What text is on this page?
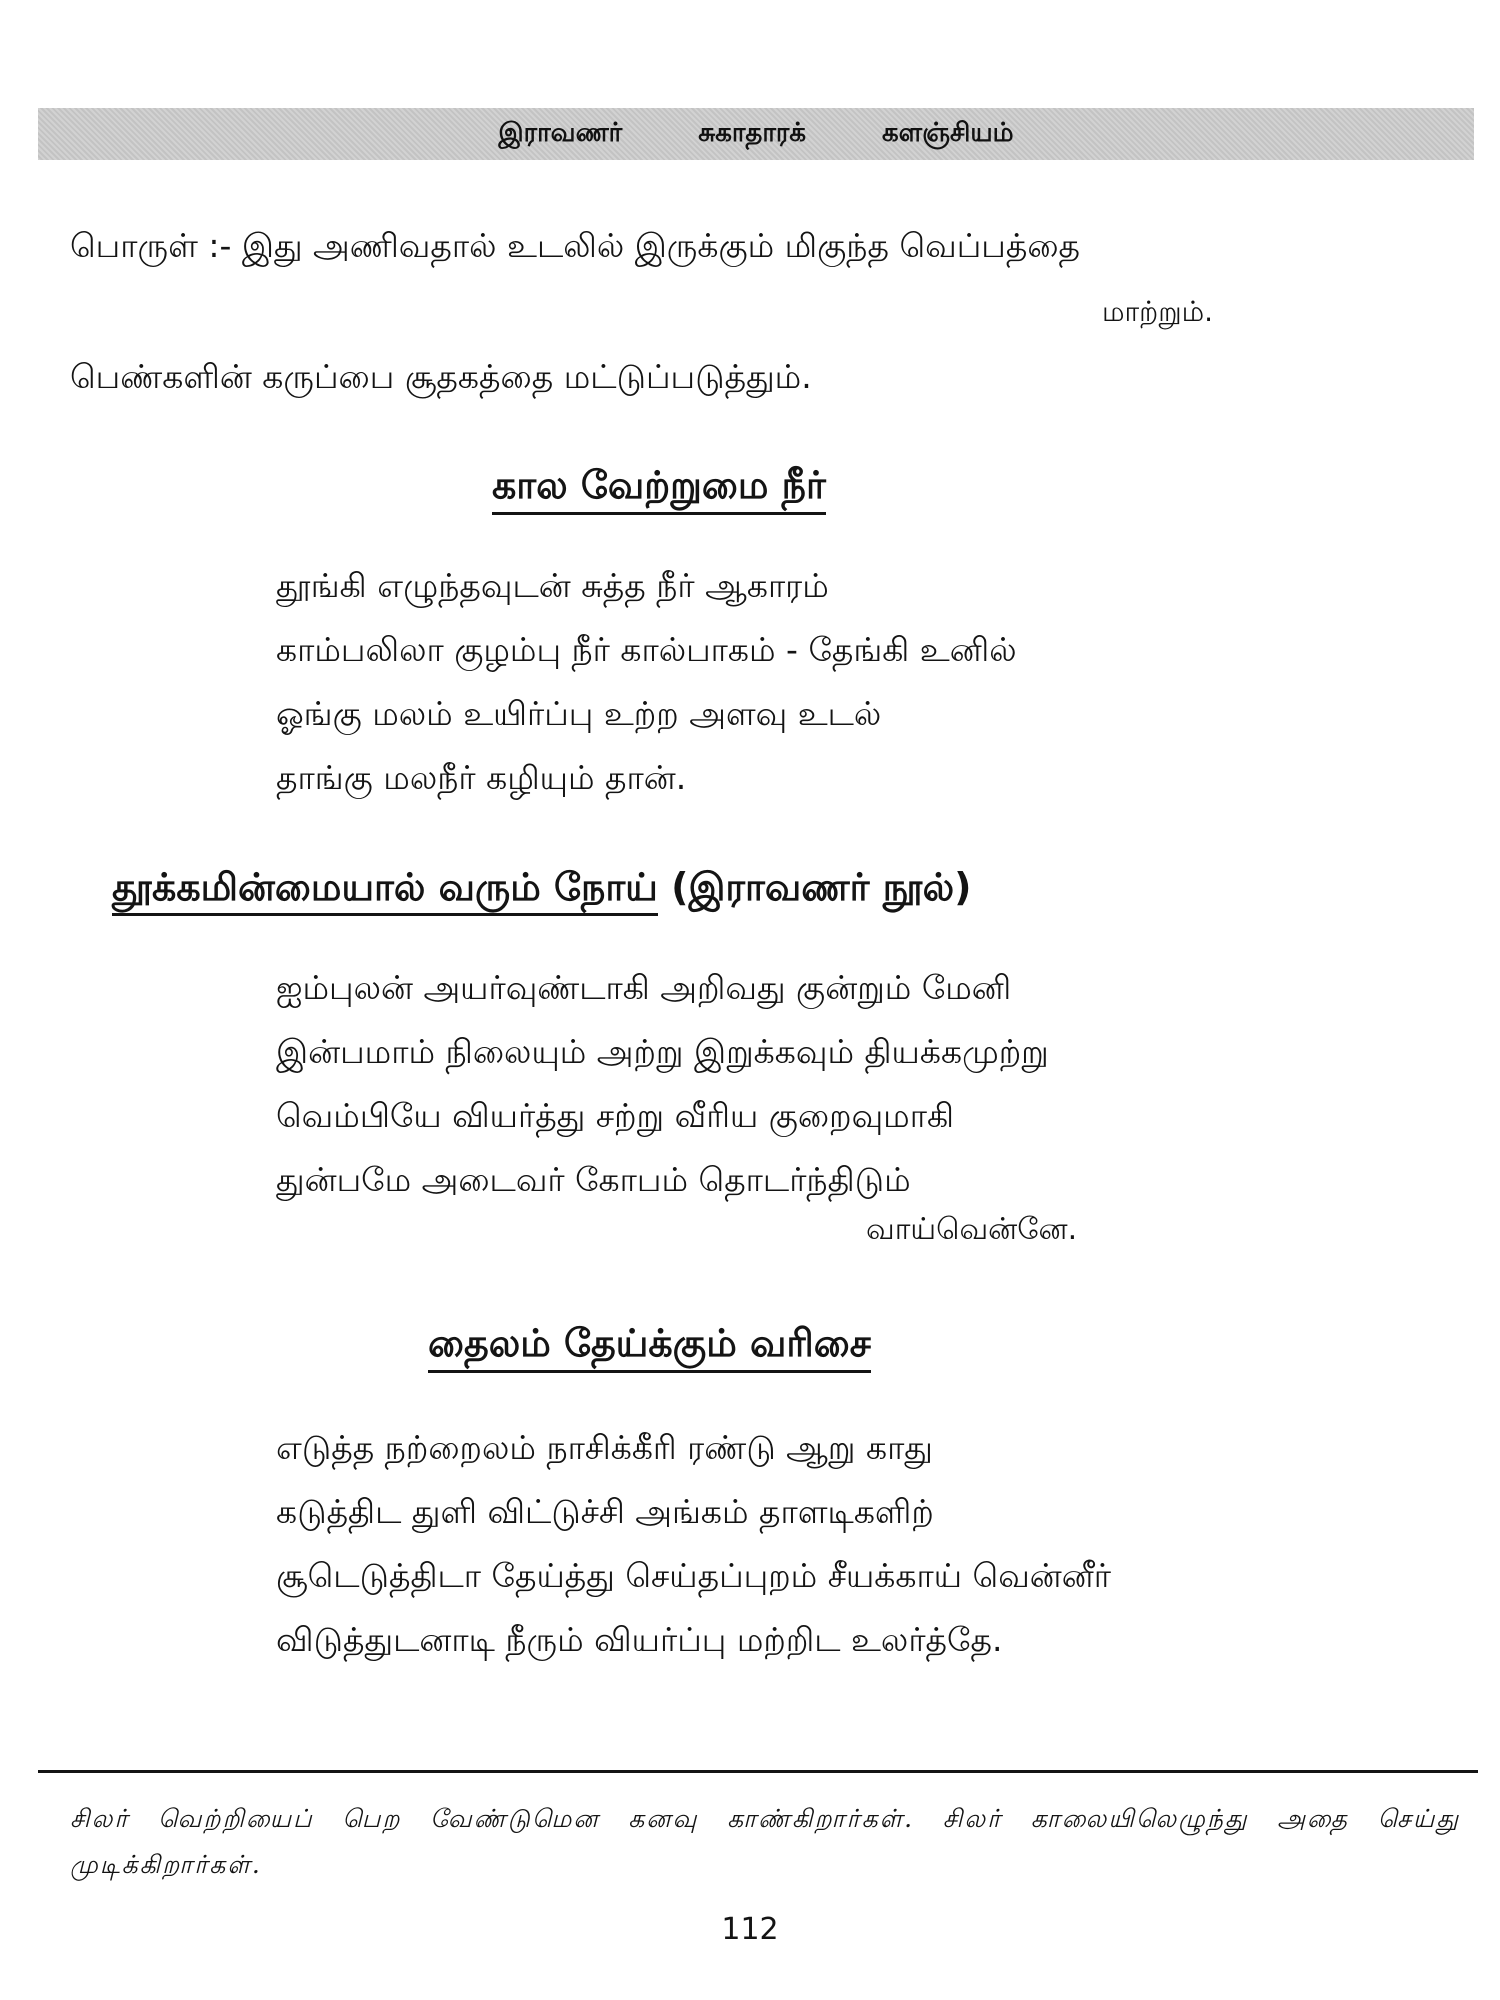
இராவணர்	சுகாதாரக்	களஞ்சியம்
பொருள் :- இது அணிவதால் உடலில் இருக்கும் மிகுந்த வெப்பத்தை
மாற்றும்.
பெண்களின் கருப்பை சூதகத்தை மட்டுப்படுத்தும்.
கால வேற்றுமை நீர்
தூங்கி எழுந்தவுடன் சுத்த நீர் ஆகாரம்
காம்பலிலா குழம்பு நீர் கால்பாகம் - தேங்கி உனில்
ஓங்கு மலம் உயிர்ப்பு உற்ற அளவு உடல்
தாங்கு மலநீர் கழியும் தான்.
தூக்கமின்மையால் வரும் நோய் (இராவணர் நூல்)
ஐம்புலன் அயர்வுண்டாகி அறிவது குன்றும் மேனி
இன்பமாம் நிலையும் அற்று இறுக்கவும் தியக்கமுற்று
வெம்பியே வியர்த்து சற்று வீரிய குறைவுமாகி
துன்பமே அடைவர் கோபம் தொடர்ந்திடும்
வாய்வென்னே.
தைலம் தேய்க்கும் வரிசை
எடுத்த நற்றைலம் நாசிக்கீரி ரண்டு ஆறு காது
கடுத்திட துளி விட்டுச்சி அங்கம் தாளடிகளிற்
சூடெடுத்திடா தேய்த்து செய்தப்புறம் சீயக்காய் வென்னீர்
விடுத்துடனாடி நீரும் வியர்ப்பு மற்றிட உலர்த்தே.
சிலர் வெற்றியைப் பெற வேண்டுமென கனவு காண்கிறார்கள். சிலர் காலையிலெழுந்து அதை செய்து முடிக்கிறார்கள்.
112
